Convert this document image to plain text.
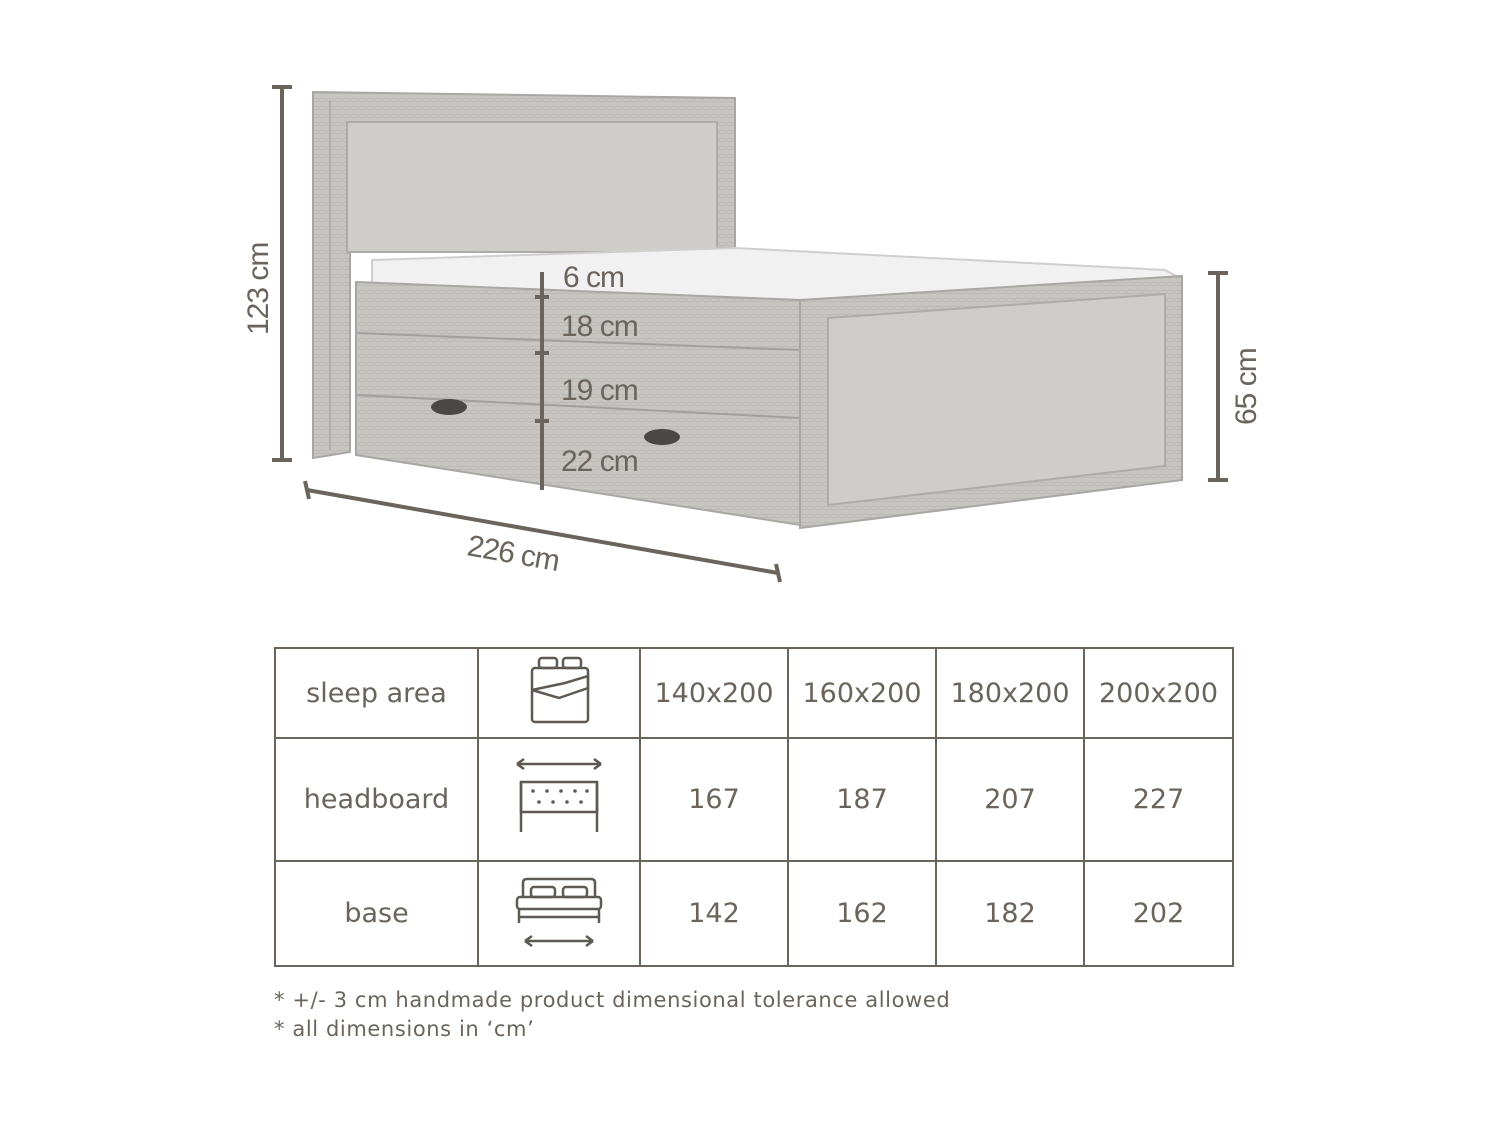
123 cm
65 cm
226 cm
6 cm
18 cm
19 cm
22 cm
sleep area		140x200	160x200	180x200	200x200
headboard		167	187	207	227
base		142	162	182	202
* +/- 3 cm handmade product dimensional tolerance allowed
* all dimensions in ‘cm’
